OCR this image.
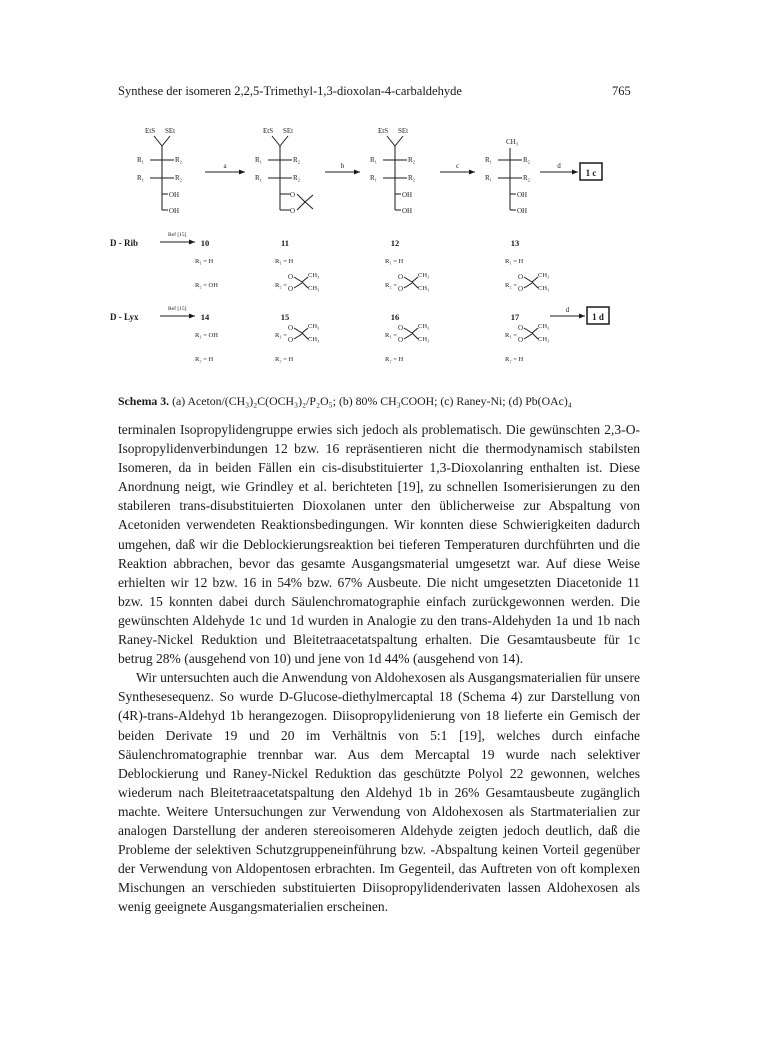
Synthese der isomeren 2,2,5-Trimethyl-1,3-dioxolan-4-carbaldehyde	765
EtS SEt
R₁	R₂
R₁	R₂
OH
OH
EtS SEt
R₁	R₂
R₁	R₂
O
O
EtS SEt
R₁	R₂
R₁	R₂
OH
OH
CH₃
R₁	R₂
R₁	R₂
OH
OH
a	b	c	d
1 c
D - Rib
Ref [15]
10
R₁ = H
R₂ = OH
11
R₁ = H
R₂ =
O
O
CH₃
CH₃
12
R₁ = H
R₂ =
O
O
CH₃
CH₃
13
R₁ = H
R₂ =
O
O
CH₃
CH₃
D - Lyx
Ref [15]
14
R₁ = OH
R₂ = H
15
R₁ =
R₂ = H
O
O
CH₃
CH₃
16
R₁ =
R₂ = H
O
O
CH₃
CH₃
17
R₁ =
R₂ = H
O
O
CH₃
CH₃
d
1 d
Schema 3. (a) Aceton/(CH₃)₂C(OCH₃)₂/P₂O₅; (b) 80% CH₃COOH; (c) Raney-Ni; (d) Pb(OAc)₄

terminalen Isopropylidengruppe erwies sich jedoch als problematisch. Die gewünschten 2,3-O-Isopropylidenverbindungen 12 bzw. 16 repräsentieren nicht die thermodynamisch stabilsten Isomeren, da in beiden Fällen ein cis-disubstituierter 1,3-Dioxolanring enthalten ist. Diese Anordnung neigt, wie Grindley et al. berichteten [19], zu schnellen Isomerisierungen zu den stabileren trans-disubstituierten Dioxolanen unter den üblicherweise zur Abspaltung von Acetoniden verwendeten Reaktionsbedingungen. Wir konnten diese Schwierigkeiten dadurch umgehen, daß wir die Deblockierungsreaktion bei tieferen Temperaturen durchführten und die Reaktion abbrachen, bevor das gesamte Ausgangsmaterial umgesetzt war. Auf diese Weise erhielten wir 12 bzw. 16 in 54% bzw. 67% Ausbeute. Die nicht umgesetzten Diacetonide 11 bzw. 15 konnten dabei durch Säulenchromatographie einfach zurückgewonnen werden. Die gewünschten Aldehyde 1c und 1d wurden in Analogie zu den trans-Aldehyden 1a und 1b nach Raney-Nickel Reduktion und Bleitetraacetatspaltung erhalten. Die Gesamtausbeute für 1c betrug 28% (ausgehend von 10) und jene von 1d 44% (ausgehend von 14).

Wir untersuchten auch die Anwendung von Aldohexosen als Ausgangsmaterialien für unsere Synthesesequenz. So wurde D-Glucose-diethylmercaptal 18 (Schema 4) zur Darstellung von (4R)-trans-Aldehyd 1b herangezogen. Diisopropylidenierung von 18 lieferte ein Gemisch der beiden Derivate 19 und 20 im Verhältnis von 5:1 [19], welches durch einfache Säulenchromatographie trennbar war. Aus dem Mercaptal 19 wurde nach selektiver Deblockierung und Raney-Nickel Reduktion das geschützte Polyol 22 gewonnen, welches wiederum nach Bleitetraacetatspaltung den Aldehyd 1b in 26% Gesamtausbeute zugänglich machte. Weitere Untersuchungen zur Verwendung von Aldohexosen als Startmaterialien zur analogen Darstellung der anderen stereoisomeren Aldehyde zeigten jedoch deutlich, daß die Probleme der selektiven Schutzgruppeneinführung bzw. -Abspaltung keinen Vorteil gegenüber der Verwendung von Aldopentosen erbrachten. Im Gegenteil, das Auftreten von oft komplexen Mischungen an verschieden substituierten Diisopropylidenderivaten lassen Aldohexosen als wenig geeignete Ausgangsmaterialien erscheinen.
